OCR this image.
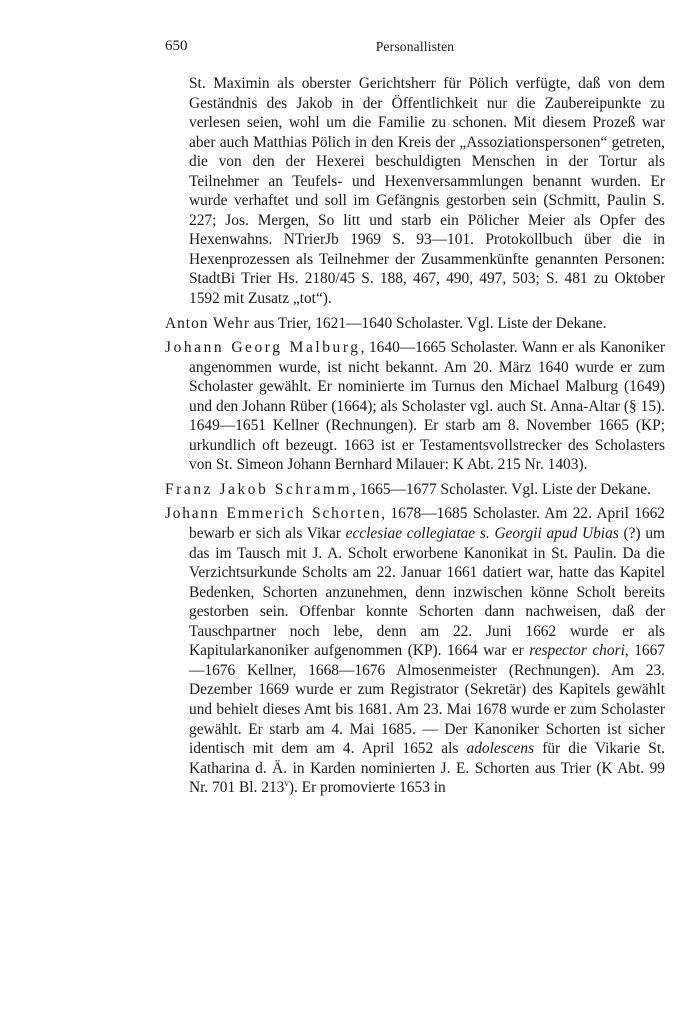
650	Personallisten

St. Maximin als oberster Gerichtsherr für Pölich verfügte, daß von dem Geständnis des Jakob in der Öffentlichkeit nur die Zaubereipunkte zu verlesen seien, wohl um die Familie zu schonen. Mit diesem Prozeß war aber auch Matthias Pölich in den Kreis der „Assoziationspersonen“ getreten, die von den der Hexerei beschuldigten Menschen in der Tortur als Teilnehmer an Teufels- und Hexenversammlungen benannt wurden. Er wurde verhaftet und soll im Gefängnis gestorben sein (Schmitt, Paulin S. 227; Jos. Mergen, So litt und starb ein Pölicher Meier als Opfer des Hexenwahns. NTrierJb 1969 S. 93—101. Protokollbuch über die in Hexenprozessen als Teilnehmer der Zusammenkünfte genannten Personen: StadtBi Trier Hs. 2180/45 S. 188, 467, 490, 497, 503; S. 481 zu Oktober 1592 mit Zusatz „tot“).

Anton Wehr aus Trier, 1621—1640 Scholaster. Vgl. Liste der Dekane.

Johann Georg Malburg, 1640—1665 Scholaster. Wann er als Kanoniker angenommen wurde, ist nicht bekannt. Am 20. März 1640 wurde er zum Scholaster gewählt. Er nominierte im Turnus den Michael Malburg (1649) und den Johann Rüber (1664); als Scholaster vgl. auch St. Anna-Altar (§ 15). 1649—1651 Kellner (Rechnungen). Er starb am 8. November 1665 (KP; urkundlich oft bezeugt. 1663 ist er Testamentsvollstrecker des Scholasters von St. Simeon Johann Bernhard Milauer: K Abt. 215 Nr. 1403).

Franz Jakob Schramm, 1665—1677 Scholaster. Vgl. Liste der Dekane.

Johann Emmerich Schorten, 1678—1685 Scholaster. Am 22. April 1662 bewarb er sich als Vikar ecclesiae collegiatae s. Georgii apud Ubias (?) um das im Tausch mit J. A. Scholt erworbene Kanonikat in St. Paulin. Da die Verzichtsurkunde Scholts am 22. Januar 1661 datiert war, hatte das Kapitel Bedenken, Schorten anzunehmen, denn inzwischen könne Scholt bereits gestorben sein. Offenbar konnte Schorten dann nachweisen, daß der Tauschpartner noch lebe, denn am 22. Juni 1662 wurde er als Kapitularkanoniker aufgenommen (KP). 1664 war er respector chori, 1667—1676 Kellner, 1668—1676 Almosenmeister (Rechnungen). Am 23. Dezember 1669 wurde er zum Registrator (Sekretär) des Kapitels gewählt und behielt dieses Amt bis 1681. Am 23. Mai 1678 wurde er zum Scholaster gewählt. Er starb am 4. Mai 1685. — Der Kanoniker Schorten ist sicher identisch mit dem am 4. April 1652 als adolescens für die Vikarie St. Katharina d. Ä. in Karden nominierten J. E. Schorten aus Trier (K Abt. 99 Nr. 701 Bl. 213$^v$). Er promovierte 1653 in
